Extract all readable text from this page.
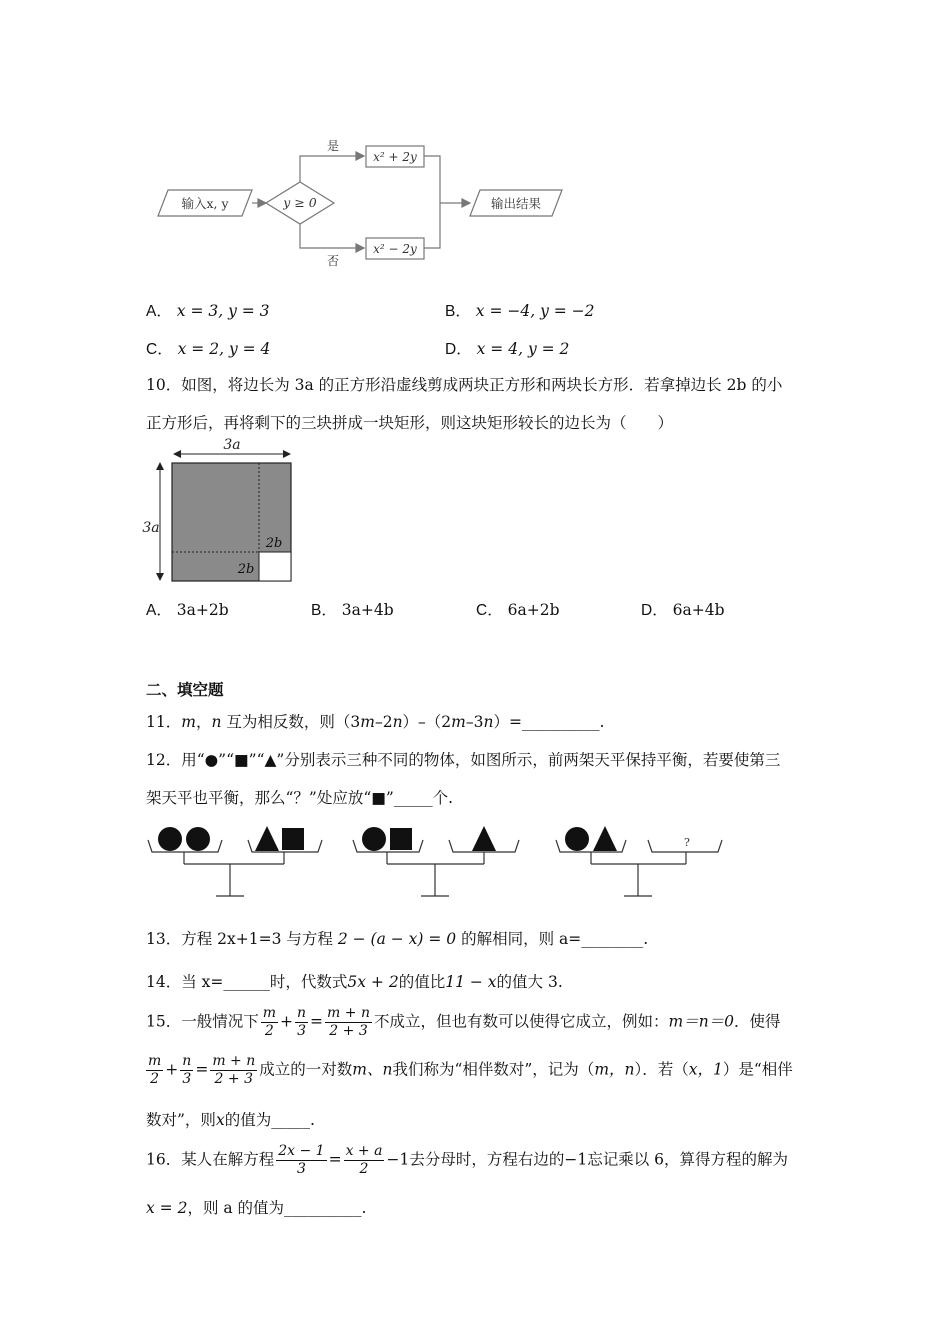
输入x, y	y ≥ 0
是
否
x² + 2y
x² − 2y
输出结果
A． x = 3, y = 3	B． x = −4, y = −2
C． x = 2, y = 4	D． x = 4, y = 2
10．如图，将边长为 3a 的正方形沿虚线剪成两块正方形和两块长方形．若拿掉边长 2b 的小
正方形后，再将剩下的三块拼成一块矩形，则这块矩形较长的边长为（　　）
3a
3a
2b
2b
A． 3a+2b	B． 3a+4b	C． 6a+2b	D． 6a+4b
二、填空题
11．m，n 互为相反数，则（3m–2n）–（2m–3n）=__________.
12．用“●”“■”“▲”分别表示三种不同的物体，如图所示，前两架天平保持平衡，若要使第三
架天平也平衡，那么“？”处应放“■”_____个.
?
13．方程 2x+1=3 与方程 2 − (a − x) = 0 的解相同，则 a=________.
14．当 x=______时，代数式5x + 2的值比11 − x的值大 3.
15．一般情况下 $\frac{m}{2} + \frac{n}{3} = \frac{m + n}{2 + 3}$ 不成立，但也有数可以使得它成立，例如：m＝n＝0．使得
$\frac{m}{2} + \frac{n}{3} = \frac{m + n}{2 + 3}$ 成立的一对数m、n我们称为“相伴数对”，记为（m，n）．若（x，1）是“相伴
数对”，则x的值为_____.
16．某人在解方程 $\frac{2x - 1}{3} = \frac{x + a}{2} -1$去分母时，方程右边的−1忘记乘以 6，算得方程的解为
x = 2，则 a 的值为__________.
